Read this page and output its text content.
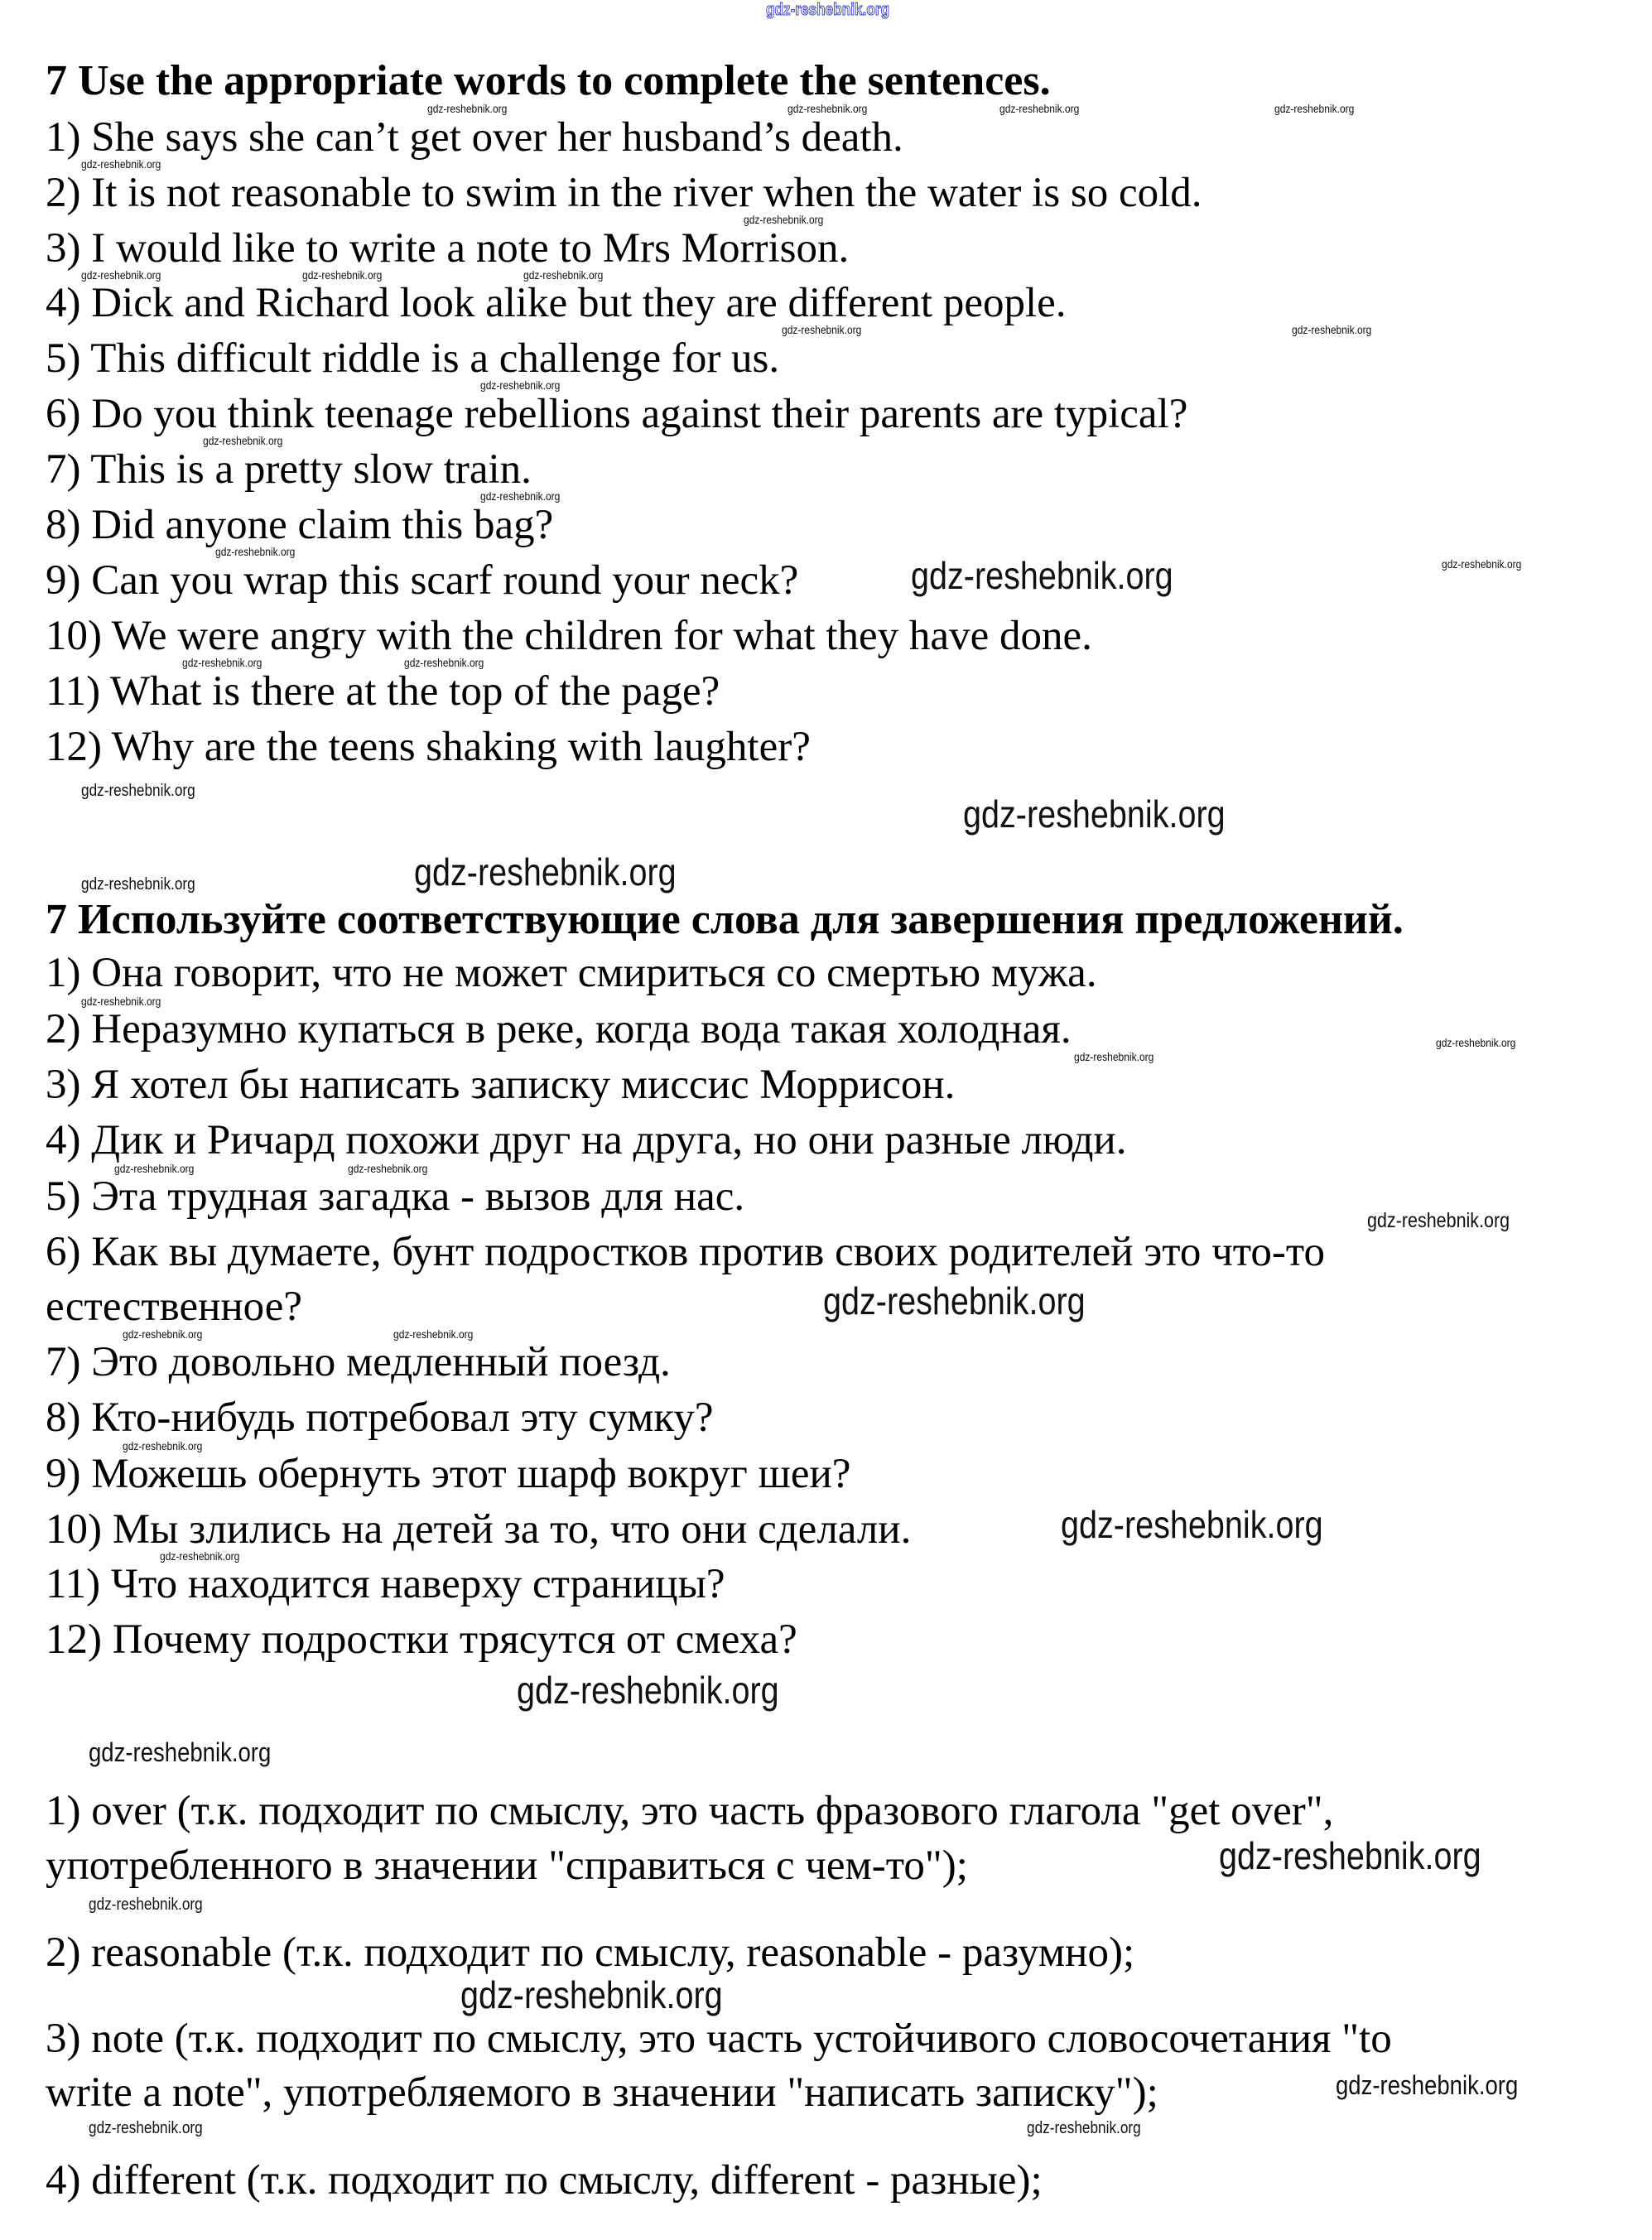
gdz-reshebnik.org
7 Use the appropriate words to complete the sentences.
1) She says she can’t get over her husband’s death.
2) It is not reasonable to swim in the river when the water is so cold.
3) I would like to write a note to Mrs Morrison.
4) Dick and Richard look alike but they are different people.
5) This difficult riddle is a challenge for us.
6) Do you think teenage rebellions against their parents are typical?
7) This is a pretty slow train.
8) Did anyone claim this bag?
9) Can you wrap this scarf round your neck?
10) We were angry with the children for what they have done.
11) What is there at the top of the page?
12) Why are the teens shaking with laughter?
7 Используйте соответствующие слова для завершения предложений.
1) Она говорит, что не может смириться со смертью мужа.
2) Неразумно купаться в реке, когда вода такая холодная.
3) Я хотел бы написать записку миссис Моррисон.
4) Дик и Ричард похожи друг на друга, но они разные люди.
5) Эта трудная загадка - вызов для нас.
6) Как вы думаете, бунт подростков против своих родителей это что-то
естественное?
7) Это довольно медленный поезд.
8) Кто-нибудь потребовал эту сумку?
9) Можешь обернуть этот шарф вокруг шеи?
10) Мы злились на детей за то, что они сделали.
11) Что находится наверху страницы?
12) Почему подростки трясутся от смеха?
1) over (т.к. подходит по смыслу, это часть фразового глагола "get over",
употребленного в значении "справиться с чем-то");
2) reasonable (т.к. подходит по смыслу, reasonable - разумно);
3) note (т.к. подходит по смыслу, это часть устойчивого словосочетания "to
write a note", употребляемого в значении "написать записку");
4) different (т.к. подходит по смыслу, different - разные);
gdz-reshebnik.org	gdz-reshebnik.org	gdz-reshebnik.org
gdz-reshebnik.org
gdz-reshebnik.org
gdz-reshebnik.org
gdz-reshebnik.org	gdz-reshebnik.org	gdz-reshebnik.org
gdz-reshebnik.org
gdz-reshebnik.org
gdz-reshebnik.org
gdz-reshebnik.org
gdz-reshebnik.org
gdz-reshebnik.org
gdz-reshebnik.org
gdz-reshebnik.org	gdz-reshebnik.org
gdz-reshebnik.org
gdz-reshebnik.org
gdz-reshebnik.org
gdz-reshebnik.org	gdz-reshebnik.org
gdz-reshebnik.org
gdz-reshebnik.org
gdz-reshebnik.org
gdz-reshebnik.org	gdz-reshebnik.org
gdz-reshebnik.org
gdz-reshebnik.org
gdz-reshebnik.org
gdz-reshebnik.org
gdz-reshebnik.org
gdz-reshebnik.org
gdz-reshebnik.org
gdz-reshebnik.org
gdz-reshebnik.org
gdz-reshebnik.org
gdz-reshebnik.org
gdz-reshebnik.org
gdz-reshebnik.org
gdz-reshebnik.org	gdz-reshebnik.org
